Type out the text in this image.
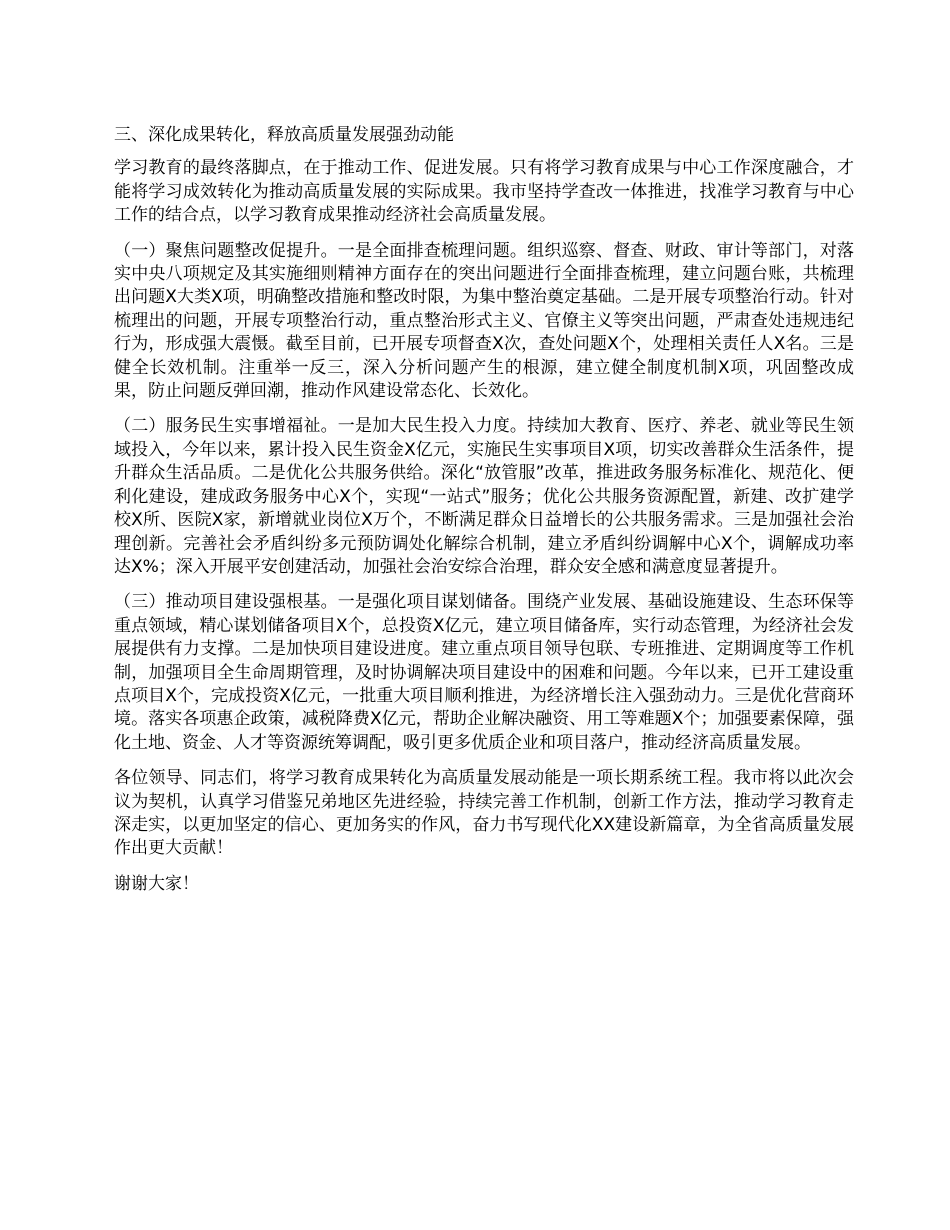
三、深化成果转化，释放高质量发展强劲动能

学习教育的最终落脚点，在于推动工作、促进发展。只有将学习教育成果与中心工作深度融合，才能将学习成效转化为推动高质量发展的实际成果。我市坚持学查改一体推进，找准学习教育与中心工作的结合点，以学习教育成果推动经济社会高质量发展。

（一）聚焦问题整改促提升。一是全面排查梳理问题。组织巡察、督查、财政、审计等部门，对落实中央八项规定及其实施细则精神方面存在的突出问题进行全面排查梳理，建立问题台账，共梳理出问题X大类X项，明确整改措施和整改时限，为集中整治奠定基础。二是开展专项整治行动。针对梳理出的问题，开展专项整治行动，重点整治形式主义、官僚主义等突出问题，严肃查处违规违纪行为，形成强大震慑。截至目前，已开展专项督查X次，查处问题X个，处理相关责任人X名。三是健全长效机制。注重举一反三，深入分析问题产生的根源，建立健全制度机制X项，巩固整改成果，防止问题反弹回潮，推动作风建设常态化、长效化。

（二）服务民生实事增福祉。一是加大民生投入力度。持续加大教育、医疗、养老、就业等民生领域投入，今年以来，累计投入民生资金X亿元，实施民生实事项目X项，切实改善群众生活条件，提升群众生活品质。二是优化公共服务供给。深化“放管服”改革，推进政务服务标准化、规范化、便利化建设，建成政务服务中心X个，实现“一站式”服务；优化公共服务资源配置，新建、改扩建学校X所、医院X家，新增就业岗位X万个，不断满足群众日益增长的公共服务需求。三是加强社会治理创新。完善社会矛盾纠纷多元预防调处化解综合机制，建立矛盾纠纷调解中心X个，调解成功率达X%；深入开展平安创建活动，加强社会治安综合治理，群众安全感和满意度显著提升。

（三）推动项目建设强根基。一是强化项目谋划储备。围绕产业发展、基础设施建设、生态环保等重点领域，精心谋划储备项目X个，总投资X亿元，建立项目储备库，实行动态管理，为经济社会发展提供有力支撑。二是加快项目建设进度。建立重点项目领导包联、专班推进、定期调度等工作机制，加强项目全生命周期管理，及时协调解决项目建设中的困难和问题。今年以来，已开工建设重点项目X个，完成投资X亿元，一批重大项目顺利推进，为经济增长注入强劲动力。三是优化营商环境。落实各项惠企政策，减税降费X亿元，帮助企业解决融资、用工等难题X个；加强要素保障，强化土地、资金、人才等资源统筹调配，吸引更多优质企业和项目落户，推动经济高质量发展。

各位领导、同志们，将学习教育成果转化为高质量发展动能是一项长期系统工程。我市将以此次会议为契机，认真学习借鉴兄弟地区先进经验，持续完善工作机制，创新工作方法，推动学习教育走深走实，以更加坚定的信心、更加务实的作风，奋力书写现代化XX建设新篇章，为全省高质量发展作出更大贡献！

谢谢大家！
